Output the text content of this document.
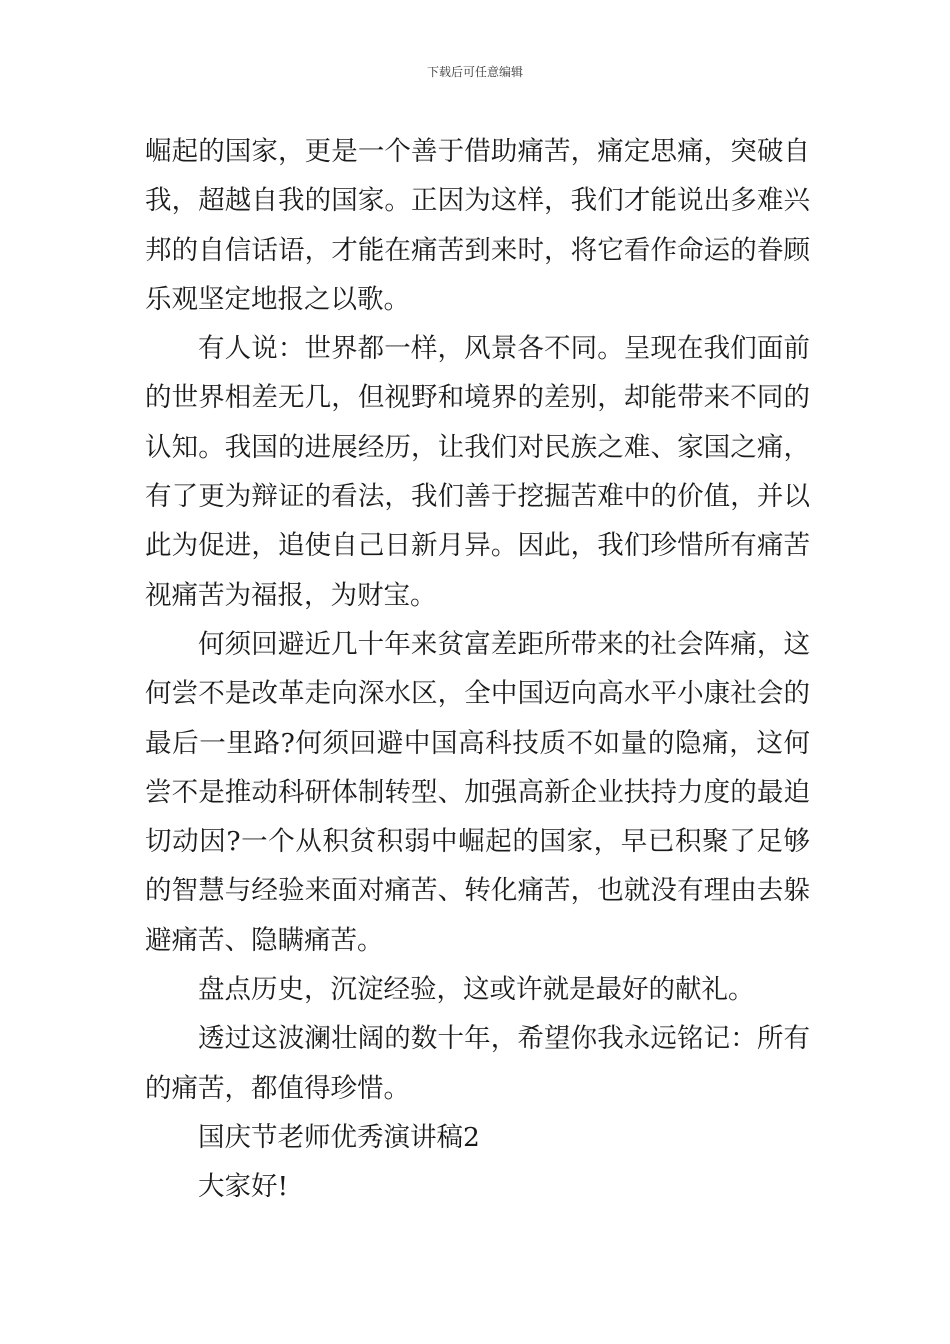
下载后可任意编辑

崛起的国家，更是一个善于借助痛苦，痛定思痛，突破自我，超越自我的国家。正因为这样，我们才能说出多难兴邦的自信话语，才能在痛苦到来时，将它看作命运的眷顾乐观坚定地报之以歌。

有人说：世界都一样，风景各不同。呈现在我们面前的世界相差无几，但视野和境界的差别，却能带来不同的认知。我国的进展经历，让我们对民族之难、家国之痛，有了更为辩证的看法，我们善于挖掘苦难中的价值，并以此为促进，追使自己日新月异。因此，我们珍惜所有痛苦视痛苦为福报，为财宝。

何须回避近几十年来贫富差距所带来的社会阵痛，这何尝不是改革走向深水区，全中国迈向高水平小康社会的最后一里路?何须回避中国高科技质不如量的隐痛，这何尝不是推动科研体制转型、加强高新企业扶持力度的最迫切动因?一个从积贫积弱中崛起的国家，早已积聚了足够的智慧与经验来面对痛苦、转化痛苦，也就没有理由去躲避痛苦、隐瞒痛苦。

盘点历史，沉淀经验，这或许就是最好的献礼。

透过这波澜壮阔的数十年，希望你我永远铭记：所有的痛苦，都值得珍惜。

国庆节老师优秀演讲稿2

大家好!
